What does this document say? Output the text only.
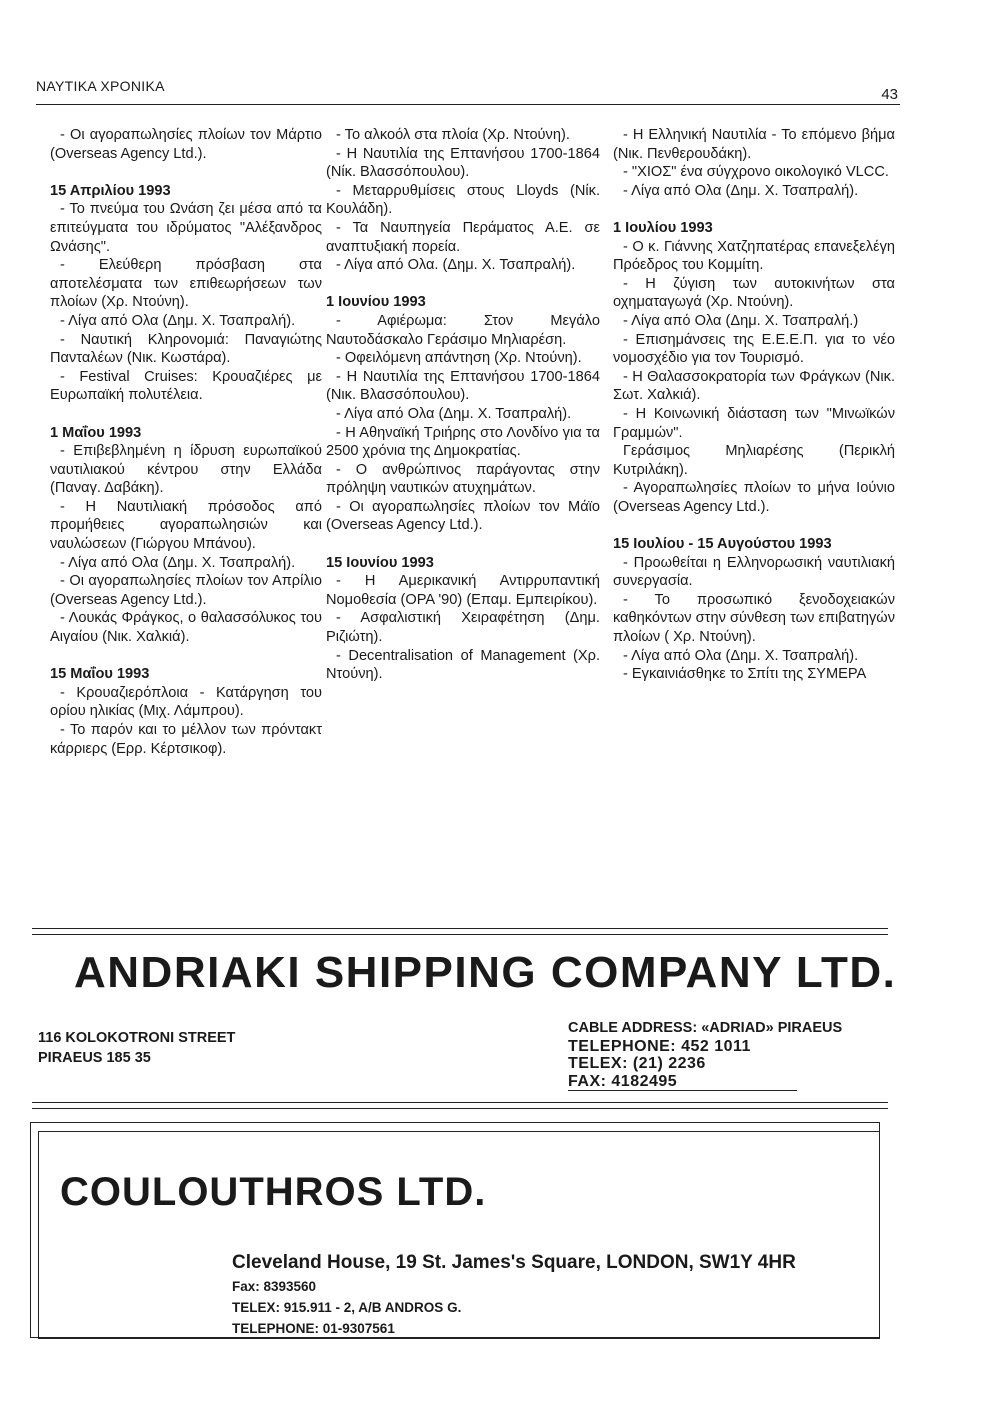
ΝΑΥΤΙΚΑ ΧΡΟΝΙΚΑ	43

- Οι αγοραπωλησίες πλοίων τον Μάρτιο (Overseas Agency Ltd.).

15 Απριλίου 1993

- Το πνεύμα του Ωνάση ζει μέσα από τα επιτεύγματα του ιδρύματος "Αλέξανδρος Ωνάσης".

- Ελεύθερη πρόσβαση στα αποτελέσματα των επιθεωρήσεων των πλοίων (Χρ. Ντούνη).

- Λίγα από Ολα (Δημ. Χ. Τσαπραλή).

- Ναυτική Κληρονομιά: Παναγιώτης Πανταλέων (Νικ. Κωστάρα).

- Festival Cruises: Κρουαζιέρες με Ευρωπαϊκή πολυτέλεια.

1 Μαΐου 1993

- Επιβεβλημένη η ίδρυση ευρωπαϊκού ναυτιλιακού κέντρου στην Ελλάδα (Παναγ. Δαβάκη).

- Η Ναυτιλιακή πρόσοδος από προμήθειες αγοραπωλησιών και ναυλώσεων (Γιώργου Μπάνου).

- Λίγα από Ολα (Δημ. Χ. Τσαπραλή).

- Οι αγοραπωλησίες πλοίων τον Απρίλιο (Overseas Agency Ltd.).

- Λουκάς Φράγκος, ο θαλασσόλυκος του Αιγαίου (Νικ. Χαλκιά).

15 Μαΐου 1993

- Κρουαζιερόπλοια - Κατάργηση του ορίου ηλικίας (Μιχ. Λάμπρου).

- Το παρόν και το μέλλον των πρόντακτ κάρριερς (Ερρ. Κέρτσικοφ).

- Το αλκοόλ στα πλοία (Χρ. Ντούνη).

- Η Ναυτιλία της Επτανήσου 1700-1864 (Νίκ. Βλασσόπουλου).

- Μεταρρυθμίσεις στους Lloyds (Νίκ. Κουλάδη).

- Τα Ναυπηγεία Περάματος Α.Ε. σε αναπτυξιακή πορεία.

- Λίγα από Ολα. (Δημ. Χ. Τσαπραλή).

1 Ιουνίου 1993

- Αφιέρωμα: Στον Μεγάλο Ναυτοδάσκαλο Γεράσιμο Μηλιαρέση.

- Οφειλόμενη απάντηση (Χρ. Ντούνη).

- Η Ναυτιλία της Επτανήσου 1700-1864 (Νικ. Βλασσόπουλου).

- Λίγα από Ολα (Δημ. Χ. Τσαπραλή).

- Η Αθηναϊκή Τριήρης στο Λονδίνο για τα 2500 χρόνια της Δημοκρατίας.

- Ο ανθρώπινος παράγοντας στην πρόληψη ναυτικών ατυχημάτων.

- Οι αγοραπωλησίες πλοίων τον Μάϊο (Overseas Agency Ltd.).

15 Ιουνίου 1993

- Η Αμερικανική Αντιρρυπαντική Νομοθεσία (ΟΡΑ '90) (Επαμ. Εμπειρίκου).

- Ασφαλιστική Χειραφέτηση (Δημ. Ριζιώτη).

- Decentralisation of Management (Χρ. Ντούνη).

- Η Ελληνική Ναυτιλία - Το επόμενο βήμα (Νικ. Πενθερουδάκη).

- "ΧΙΟΣ" ένα σύγχρονο οικολογικό VLCC.

- Λίγα από Ολα (Δημ. Χ. Τσαπραλή).

1 Ιουλίου 1993

- Ο κ. Γιάννης Χατζηπατέρας επανεξελέγη Πρόεδρος του Κομμίτη.

- Η ζύγιση των αυτοκινήτων στα οχηματαγωγά (Χρ. Ντούνη).

- Λίγα από Ολα (Δημ. Χ. Τσαπραλή.)

- Επισημάνσεις της Ε.Ε.Ε.Π. για το νέο νομοσχέδιο για τον Τουρισμό.

- Η Θαλασσοκρατορία των Φράγκων (Νικ. Σωτ. Χαλκιά).

- Η Κοινωνική διάσταση των "Μινωϊκών Γραμμών".

Γεράσιμος Μηλιαρέσης (Περικλή Κυτριλάκη).

- Αγοραπωλησίες πλοίων το μήνα Ιούνιο (Overseas Agency Ltd.).

15 Ιουλίου - 15 Αυγούστου 1993

- Προωθείται η Ελληνορωσική ναυτιλιακή συνεργασία.

- Το προσωπικό ξενοδοχειακών καθηκόντων στην σύνθεση των επιβατηγών πλοίων ( Χρ. Ντούνη).

- Λίγα από Ολα (Δημ. Χ. Τσαπραλή).

- Εγκαινιάσθηκε το Σπίτι της ΣΥΜΕΡΑ

ANDRIAKI SHIPPING COMPANY LTD.
116 KOLOKOTRONI STREET
PIRAEUS 185 35
CABLE ADDRESS: «ADRIAD» PIRAEUS
TELEPHONE: 452 1011
TELEX: (21) 2236
FAX: 4182495
COULOUTHROS LTD.
Cleveland House, 19 St. James's Square, LONDON, SW1Y 4HR
Fax: 8393560
TELEX: 915.911 - 2, A/B ANDROS G.
TELEPHONE: 01-9307561
